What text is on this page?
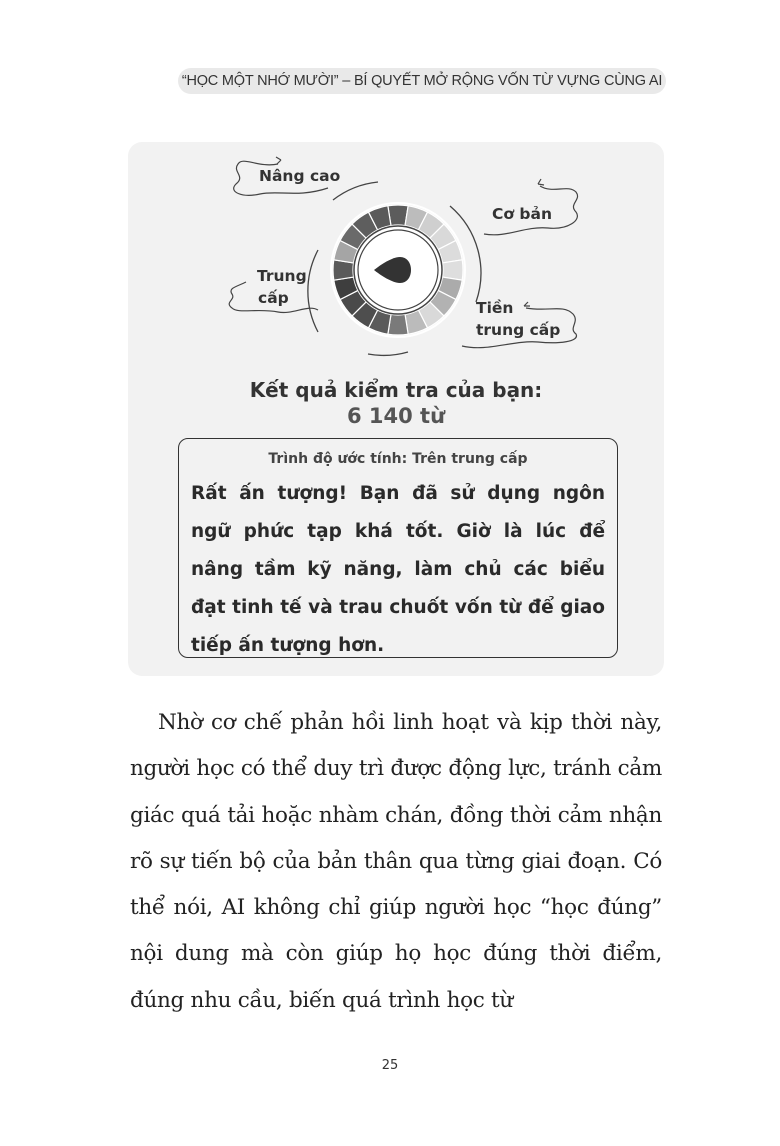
“HỌC MỘT NHỚ MƯỜI” – BÍ QUYẾT MỞ RỘNG VỐN TỪ VỰNG CÙNG AI
Nâng cao
Cơ bản
Trung
cấp
Tiền
trung cấp
Kết quả kiểm tra của bạn:
6 140 từ
Trình độ ước tính: Trên trung cấp
Rất ấn tượng! Bạn đã sử dụng ngôn ngữ phức tạp khá tốt. Giờ là lúc để nâng tầm kỹ năng, làm chủ các biểu đạt tinh tế và trau chuốt vốn từ để giao tiếp ấn tượng hơn.

Nhờ cơ chế phản hồi linh hoạt và kịp thời này, người học có thể duy trì được động lực, tránh cảm giác quá tải hoặc nhàm chán, đồng thời cảm nhận rõ sự tiến bộ của bản thân qua từng giai đoạn. Có thể nói, AI không chỉ giúp người học “học đúng” nội dung mà còn giúp họ học đúng thời điểm, đúng nhu cầu, biến quá trình học từ

25
